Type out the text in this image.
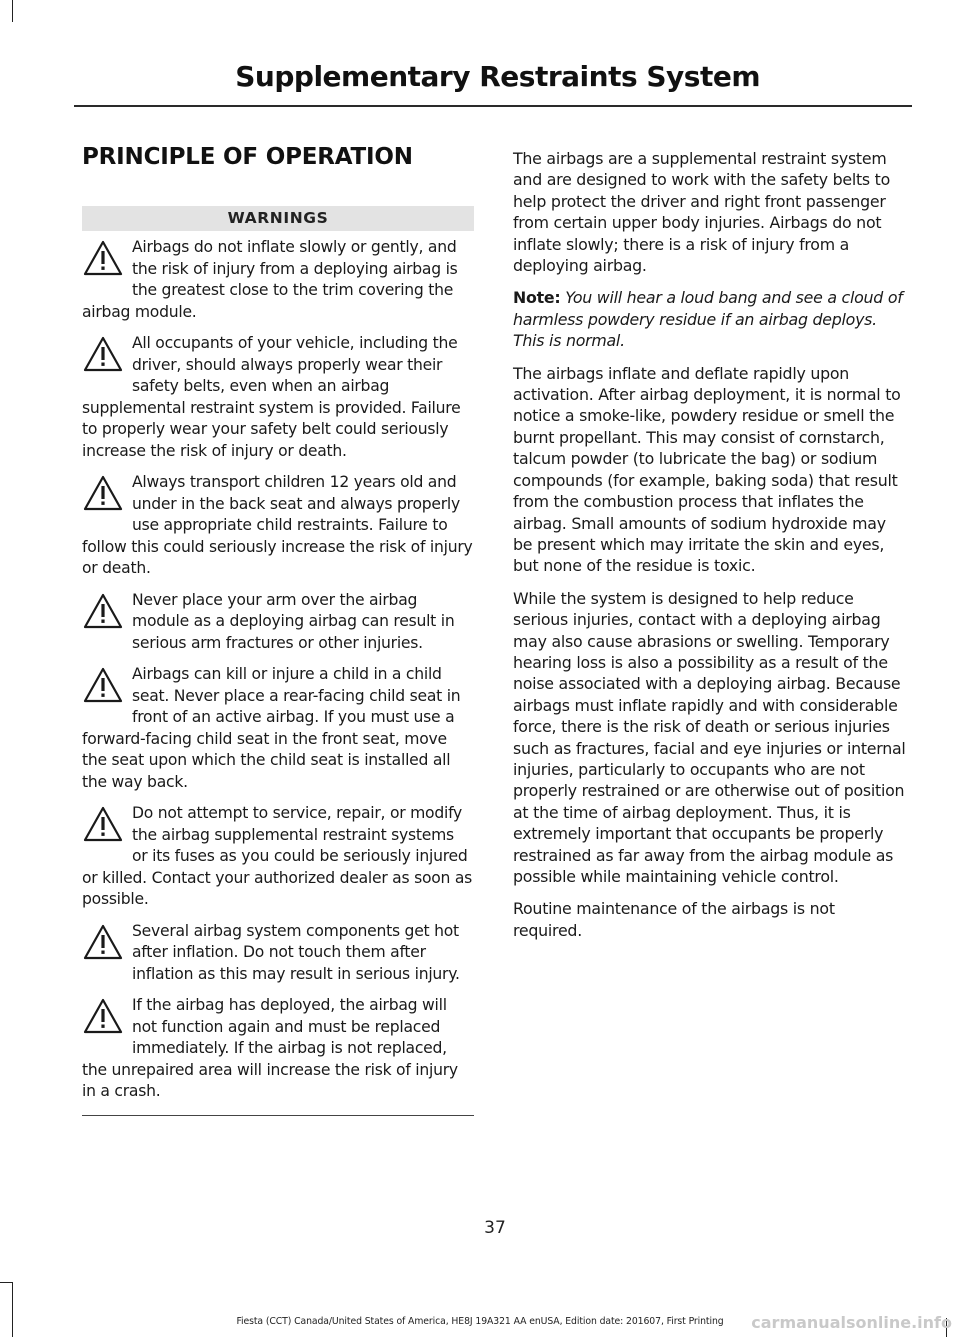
Supplementary Restraints System
PRINCIPLE OF OPERATION
WARNINGS
Airbags do not inflate slowly or gently, and the risk of injury from a deploying airbag is the greatest close to the trim covering the airbag module.
All occupants of your vehicle, including the driver, should always properly wear their safety belts, even when an airbag supplemental restraint system is provided. Failure to properly wear your safety belt could seriously increase the risk of injury or death.
Always transport children 12 years old and under in the back seat and always properly use appropriate child restraints. Failure to follow this could seriously increase the risk of injury or death.
Never place your arm over the airbag module as a deploying airbag can result in serious arm fractures or other injuries.
Airbags can kill or injure a child in a child seat. Never place a rear-facing child seat in front of an active airbag. If you must use a forward-facing child seat in the front seat, move the seat upon which the child seat is installed all the way back.
Do not attempt to service, repair, or modify the airbag supplemental restraint systems or its fuses as you could be seriously injured or killed. Contact your authorized dealer as soon as possible.
Several airbag system components get hot after inflation. Do not touch them after inflation as this may result in serious injury.
If the airbag has deployed, the airbag will not function again and must be replaced immediately. If the airbag is not replaced, the unrepaired area will increase the risk of injury in a crash.

The airbags are a supplemental restraint system and are designed to work with the safety belts to help protect the driver and right front passenger from certain upper body injuries. Airbags do not inflate slowly; there is a risk of injury from a deploying airbag.

Note: You will hear a loud bang and see a cloud of harmless powdery residue if an airbag deploys. This is normal.

The airbags inflate and deflate rapidly upon activation. After airbag deployment, it is normal to notice a smoke-like, powdery residue or smell the burnt propellant. This may consist of cornstarch, talcum powder (to lubricate the bag) or sodium compounds (for example, baking soda) that result from the combustion process that inflates the airbag. Small amounts of sodium hydroxide may be present which may irritate the skin and eyes, but none of the residue is toxic.

While the system is designed to help reduce serious injuries, contact with a deploying airbag may also cause abrasions or swelling. Temporary hearing loss is also a possibility as a result of the noise associated with a deploying airbag. Because airbags must inflate rapidly and with considerable force, there is the risk of death or serious injuries such as fractures, facial and eye injuries or internal injuries, particularly to occupants who are not properly restrained or are otherwise out of position at the time of airbag deployment. Thus, it is extremely important that occupants be properly restrained as far away from the airbag module as possible while maintaining vehicle control.

Routine maintenance of the airbags is not required.

37
Fiesta (CCT) Canada/United States of America, HE8J 19A321 AA enUSA, Edition date: 201607, First Printing	carmanualsonline.info
